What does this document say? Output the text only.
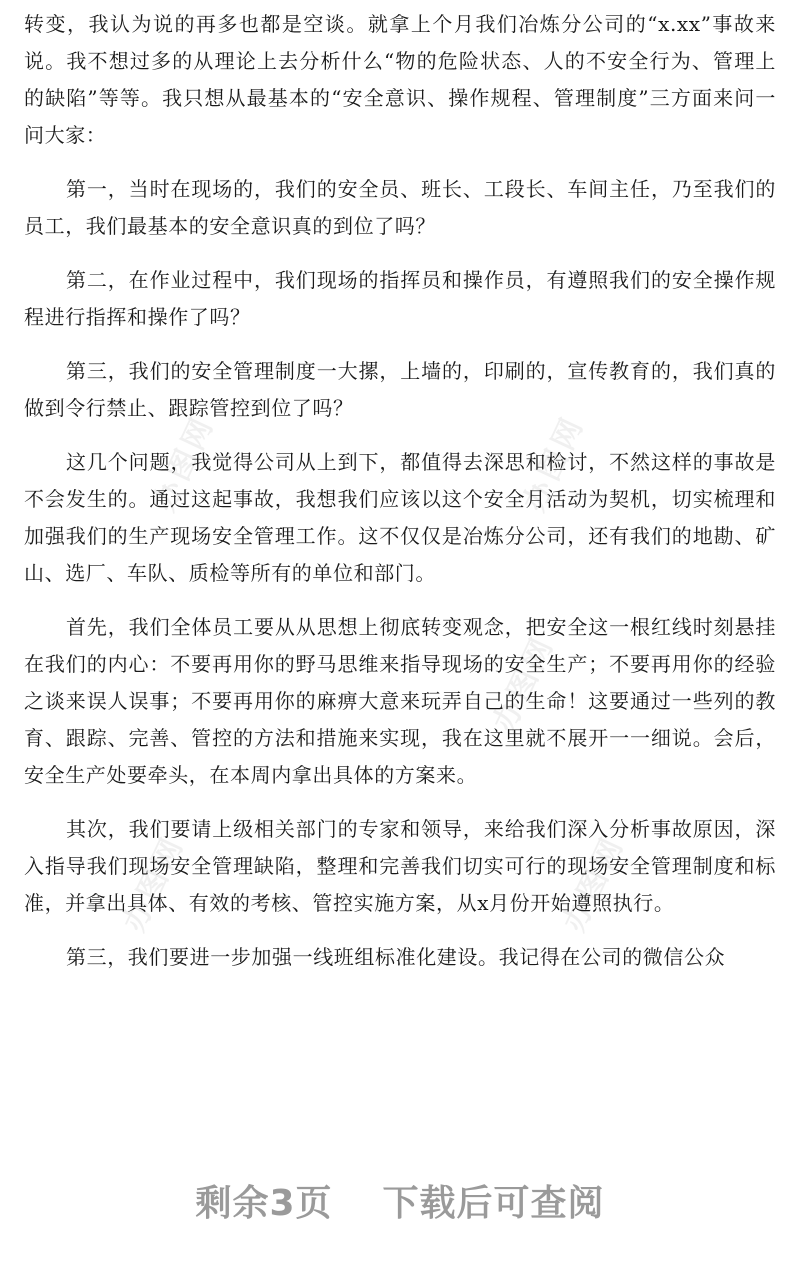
办图网	办图网
办图网
办图网	办图网

转变，我认为说的再多也都是空谈。就拿上个月我们冶炼分公司的“x.xx”事故来说。我不想过多的从理论上去分析什么“物的危险状态、人的不安全行为、管理上的缺陷”等等。我只想从最基本的“安全意识、操作规程、管理制度”三方面来问一问大家：

第一，当时在现场的，我们的安全员、班长、工段长、车间主任，乃至我们的员工，我们最基本的安全意识真的到位了吗？

第二，在作业过程中，我们现场的指挥员和操作员，有遵照我们的安全操作规程进行指挥和操作了吗？

第三，我们的安全管理制度一大摞，上墙的，印刷的，宣传教育的，我们真的做到令行禁止、跟踪管控到位了吗？

这几个问题，我觉得公司从上到下，都值得去深思和检讨，不然这样的事故是不会发生的。通过这起事故，我想我们应该以这个安全月活动为契机，切实梳理和加强我们的生产现场安全管理工作。这不仅仅是冶炼分公司，还有我们的地勘、矿山、选厂、车队、质检等所有的单位和部门。

首先，我们全体员工要从从思想上彻底转变观念，把安全这一根红线时刻悬挂在我们的内心：不要再用你的野马思维来指导现场的安全生产；不要再用你的经验之谈来误人误事；不要再用你的麻痹大意来玩弄自己的生命！这要通过一些列的教育、跟踪、完善、管控的方法和措施来实现，我在这里就不展开一一细说。会后，安全生产处要牵头，在本周内拿出具体的方案来。

其次，我们要请上级相关部门的专家和领导，来给我们深入分析事故原因，深入指导我们现场安全管理缺陷，整理和完善我们切实可行的现场安全管理制度和标准，并拿出具体、有效的考核、管控实施方案，从x月份开始遵照执行。

第三，我们要进一步加强一线班组标准化建设。我记得在公司的微信公众

剩余3页 下载后可查阅
